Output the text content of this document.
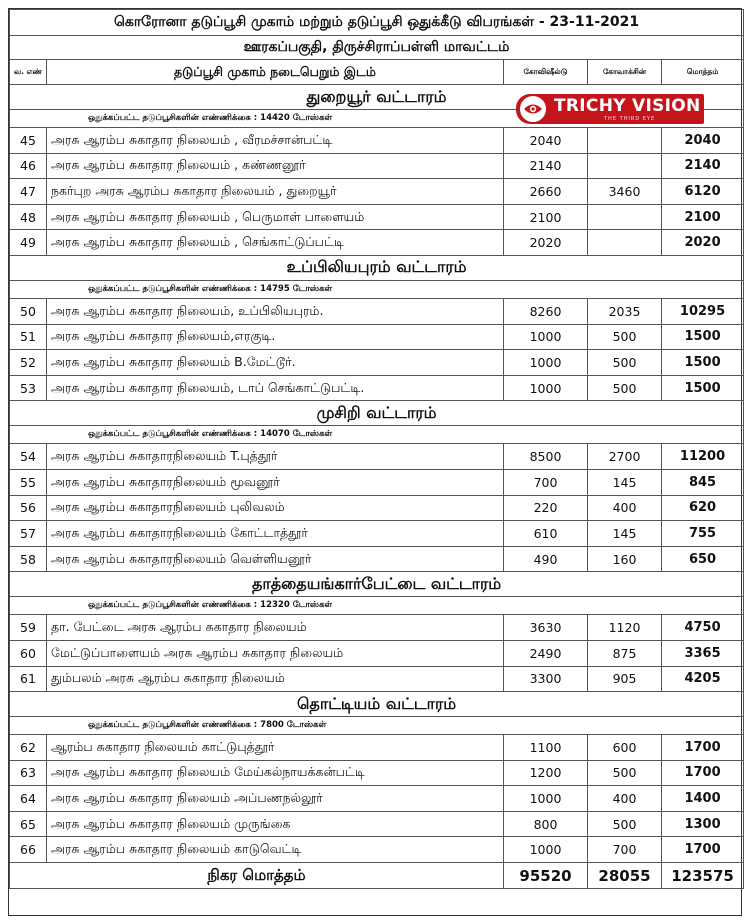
கொரோனா தடுப்பூசி முகாம் மற்றும் தடுப்பூசி ஒதுக்கீடு விபரங்கள் - 23-11-2021				
ஊரகப்பகுதி, திருச்சிராப்பள்ளி மாவட்டம்				
வ. எண்	தடுப்பூசி முகாம் நடைபெறும் இடம்	கோவிஷீல்டு	கோவாக்சின்	மொத்தம்
துறையூர் வட்டாரம்				
ஒதுக்கப்பட்ட தடுப்பூசிகளின் எண்ணிக்கை : 14420 டோஸ்கள்				
45	அரசு ஆரம்ப சுகாதார நிலையம் , வீரமச்சான்பட்டி	2040		2040
46	அரசு ஆரம்ப சுகாதார நிலையம் , கண்ணனூர்	2140		2140
47	நகர்புற அரசு ஆரம்ப சுகாதார நிலையம் , துறையூர்	2660	3460	6120
48	அரசு ஆரம்ப சுகாதார நிலையம் , பெருமாள் பாளையம்	2100		2100
49	அரசு ஆரம்ப சுகாதார நிலையம் , செங்காட்டுப்பட்டி	2020		2020
உப்பிலியபுரம் வட்டாரம்				
ஒதுக்கப்பட்ட தடுப்பூசிகளின் எண்ணிக்கை : 14795 டோஸ்கள்				
50	அரசு ஆரம்ப சுகாதார நிலையம், உப்பிலியபுரம்.	8260	2035	10295
51	அரசு ஆரம்ப சுகாதார நிலையம்,எரகுடி.	1000	500	1500
52	அரசு ஆரம்ப சுகாதார நிலையம் B.மேட்டூர்.	1000	500	1500
53	அரசு ஆரம்ப சுகாதார நிலையம், டாப் செங்காட்டுபட்டி.	1000	500	1500
முசிறி வட்டாரம்				
ஒதுக்கப்பட்ட தடுப்பூசிகளின் எண்ணிக்கை : 14070 டோஸ்கள்				
54	அரசு ஆரம்ப சுகாதாரநிலையம் T.புத்தூர்	8500	2700	11200
55	அரசு ஆரம்ப சுகாதாரநிலையம் மூவனூர்	700	145	845
56	அரசு ஆரம்ப சுகாதாரநிலையம் புலிவலம்	220	400	620
57	அரசு ஆரம்ப சுகாதாரநிலையம் கோட்டாத்தூர்	610	145	755
58	அரசு ஆரம்ப சுகாதாரநிலையம் வெள்ளியனூர்	490	160	650
தாத்தையங்கார்பேட்டை வட்டாரம்				
ஒதுக்கப்பட்ட தடுப்பூசிகளின் எண்ணிக்கை : 12320 டோஸ்கள்				
59	தா. பேட்டை அரசு ஆரம்ப சுகாதார நிலையம்	3630	1120	4750
60	மேட்டுப்பாளையம் அரசு ஆரம்ப சுகாதார நிலையம்	2490	875	3365
61	தும்பலம் அரசு ஆரம்ப சுகாதார நிலையம்	3300	905	4205
தொட்டியம் வட்டாரம்				
ஒதுக்கப்பட்ட தடுப்பூசிகளின் எண்ணிக்கை : 7800 டோஸ்கள்				
62	ஆரம்ப சுகாதார நிலையம் காட்டுபுத்தூர்	1100	600	1700
63	அரசு ஆரம்ப சுகாதார நிலையம் மேய்கல்நாயக்கன்பட்டி	1200	500	1700
64	அரசு ஆரம்ப சுகாதார நிலையம் அப்பணநல்லூர்	1000	400	1400
65	அரசு ஆரம்ப சுகாதார நிலையம் முருங்கை	800	500	1300
66	அரசு ஆரம்ப சுகாதார நிலையம் காடுவெட்டி	1000	700	1700
நிகர மொத்தம்		95520	28055	123575
TRICHY VISION
THE THIRD EYE
